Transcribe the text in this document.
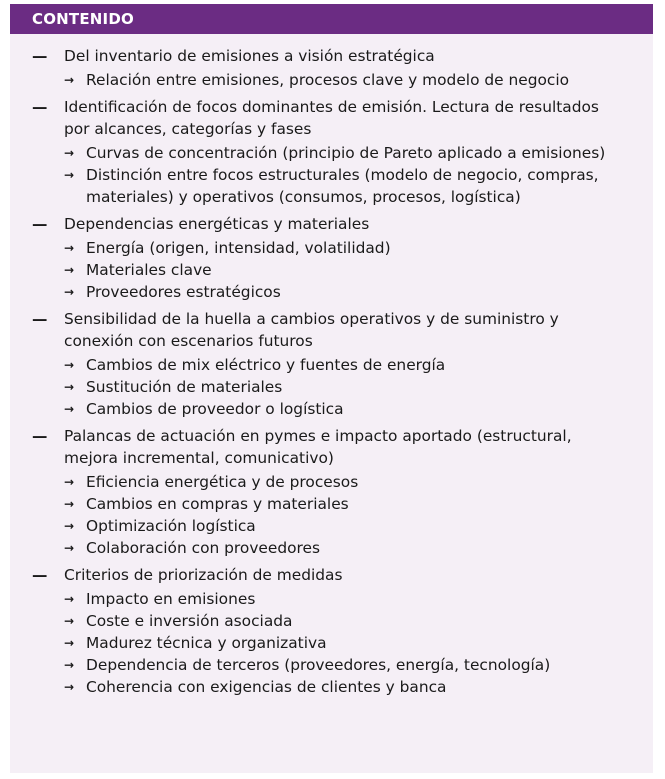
CONTENIDO
—	Del inventario de emisiones a visión estratégica
→ Relación entre emisiones, procesos clave y modelo de negocio
—	Identificación de focos dominantes de emisión. Lectura de resultados por alcances, categorías y fases
→ Curvas de concentración (principio de Pareto aplicado a emisiones)
→ Distinción entre focos estructurales (modelo de negocio, compras, materiales) y operativos (consumos, procesos, logística)
—	Dependencias energéticas y materiales
→ Energía (origen, intensidad, volatilidad)
→ Materiales clave
→ Proveedores estratégicos
—	Sensibilidad de la huella a cambios operativos y de suministro y conexión con escenarios futuros
→ Cambios de mix eléctrico y fuentes de energía
→ Sustitución de materiales
→ Cambios de proveedor o logística
—	Palancas de actuación en pymes e impacto aportado (estructural, mejora incremental, comunicativo)
→ Eficiencia energética y de procesos
→ Cambios en compras y materiales
→ Optimización logística
→ Colaboración con proveedores
—	Criterios de priorización de medidas
→ Impacto en emisiones
→ Coste e inversión asociada
→ Madurez técnica y organizativa
→ Dependencia de terceros (proveedores, energía, tecnología)
→ Coherencia con exigencias de clientes y banca
